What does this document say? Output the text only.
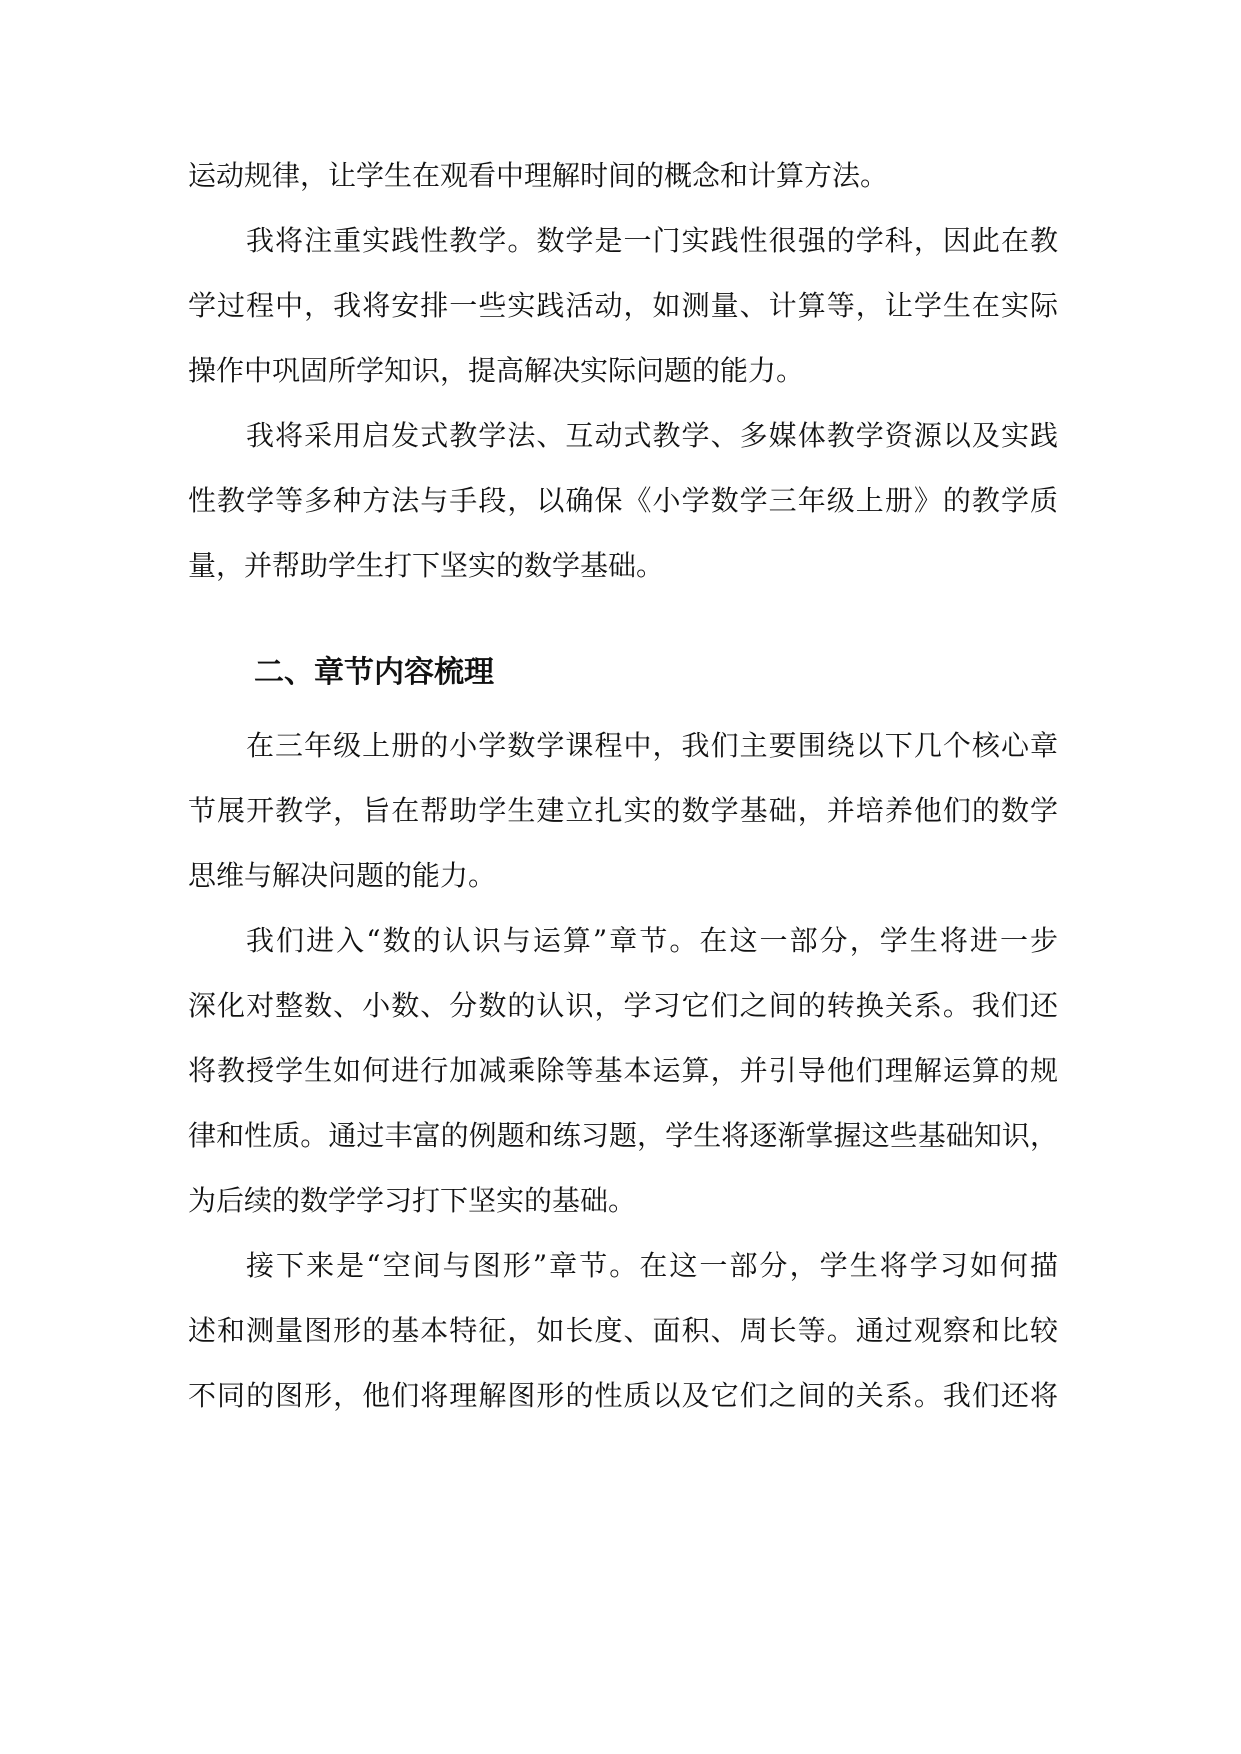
运动规律，让学生在观看中理解时间的概念和计算方法。
我将注重实践性教学。数学是一门实践性很强的学科，因此在教
学过程中，我将安排一些实践活动，如测量、计算等，让学生在实际
操作中巩固所学知识，提高解决实际问题的能力。
我将采用启发式教学法、互动式教学、多媒体教学资源以及实践
性教学等多种方法与手段，以确保《小学数学三年级上册》的教学质
量，并帮助学生打下坚实的数学基础。
二、章节内容梳理
在三年级上册的小学数学课程中，我们主要围绕以下几个核心章
节展开教学，旨在帮助学生建立扎实的数学基础，并培养他们的数学
思维与解决问题的能力。
我们进入“数的认识与运算”章节。在这一部分，学生将进一步
深化对整数、小数、分数的认识，学习它们之间的转换关系。我们还
将教授学生如何进行加减乘除等基本运算，并引导他们理解运算的规
律和性质。通过丰富的例题和练习题，学生将逐渐掌握这些基础知识，
为后续的数学学习打下坚实的基础。
接下来是“空间与图形”章节。在这一部分，学生将学习如何描
述和测量图形的基本特征，如长度、面积、周长等。通过观察和比较
不同的图形，他们将理解图形的性质以及它们之间的关系。我们还将
